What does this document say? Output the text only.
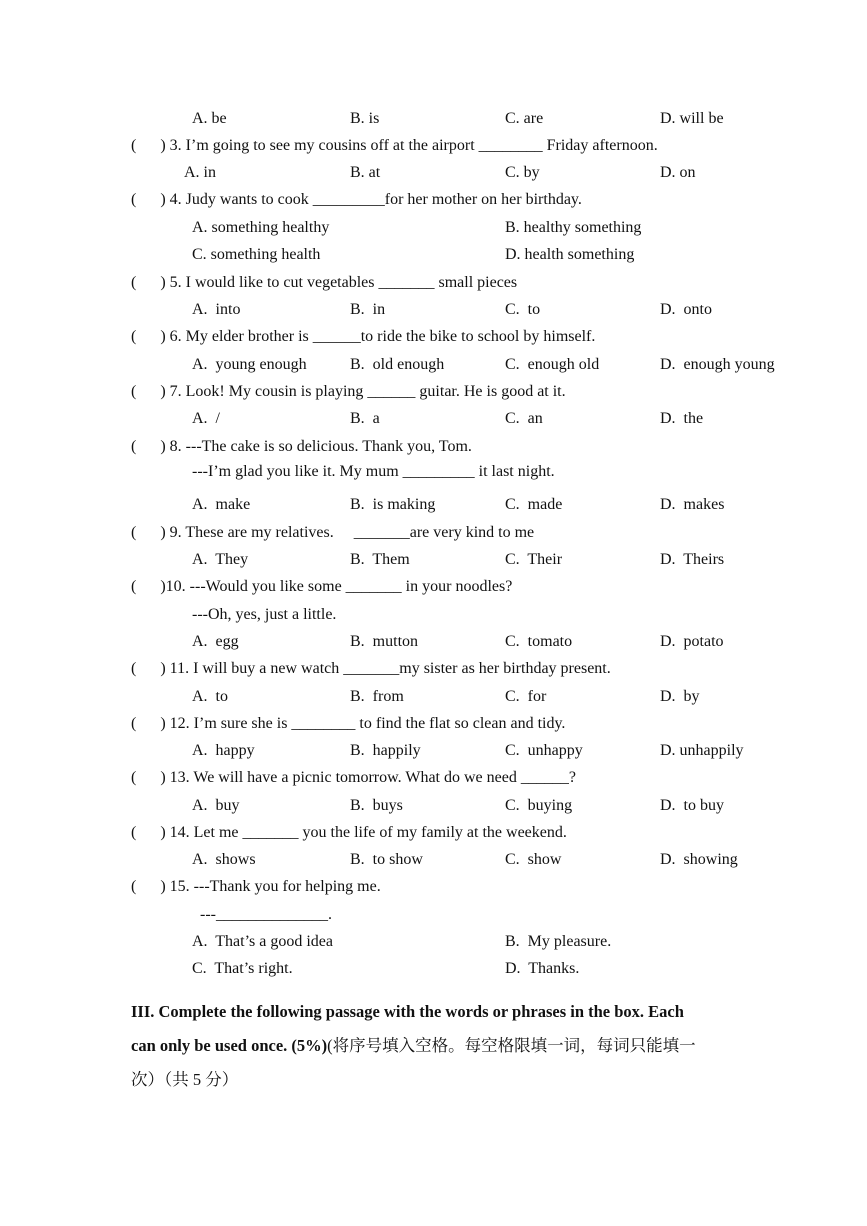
A. be	B. is	C. are	D. will be
(      ) 3. I’m going to see my cousins off at the airport ________ Friday afternoon.
A. in	B. at	C. by	D. on
(      ) 4. Judy wants to cook _________for her mother on her birthday.
A. something healthy	B. healthy something
C. something health	D. health something
(      ) 5. I would like to cut vegetables _______ small pieces
A.  into	B.  in	C.  to	D.  onto
(      ) 6. My elder brother is ______to ride the bike to school by himself.
A.  young enough	B.  old enough	C.  enough old	D.  enough young
(      ) 7. Look! My cousin is playing ______ guitar. He is good at it.
A.  /	B.  a	C.  an	D.  the
(      ) 8. ---The cake is so delicious. Thank you, Tom.
---I’m glad you like it. My mum _________ it last night.
A.  make	B.  is making	C.  made	D.  makes
(      ) 9. These are my relatives.     _______are very kind to me
A.  They	B.  Them	C.  Their	D.  Theirs
(      )10. ---Would you like some _______ in your noodles?
---Oh, yes, just a little.
A.  egg	B.  mutton	C.  tomato	D.  potato
(      ) 11. I will buy a new watch _______my sister as her birthday present.
A.  to	B.  from	C.  for	D.  by
(      ) 12. I’m sure she is ________ to find the flat so clean and tidy.
A.  happy	B.  happily	C.  unhappy	D. unhappily
(      ) 13. We will have a picnic tomorrow. What do we need ______?
A.  buy	B.  buys	C.  buying	D.  to buy
(      ) 14. Let me _______ you the life of my family at the weekend.
A.  shows	B.  to show	C.  show	D.  showing
(      ) 15. ---Thank you for helping me.
---______________.
A.  That’s a good idea	B.  My pleasure.
C.  That’s right.	D.  Thanks.
III. Complete the following passage with the words or phrases in the box. Each
can only be used once. (5%)(将序号填入空格。每空格限填一词，每词只能填一
次）（共 5 分）
